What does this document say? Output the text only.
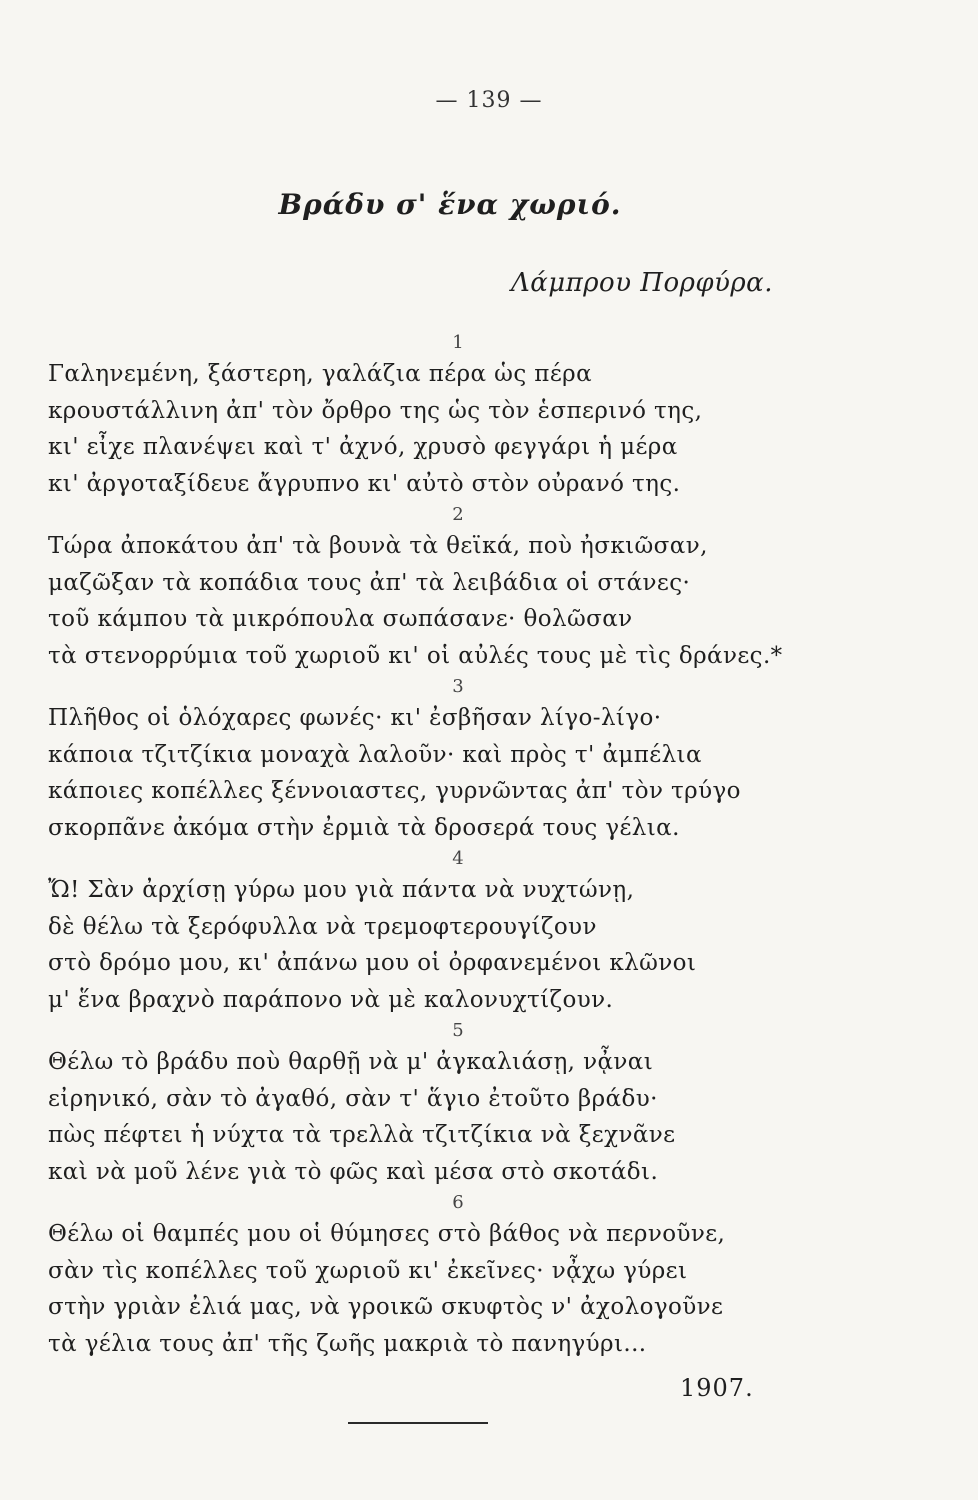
— 139 —
Βράδυ σ' ἕνα χωριό.
Λάμπρου Πορφύρα.
1
Γαληνεμένη, ξάστερη, γαλάζια πέρα ὡς πέρα
κρουστάλλινη ἀπ' τὸν ὄρθρο της ὡς τὸν ἑσπερινό της,
κι' εἶχε πλανέψει καὶ τ' ἀχνό, χρυσὸ φεγγάρι ἡ μέρα
κι' ἀργοταξίδευε ἄγρυπνο κι' αὐτὸ στὸν οὐρανό της.
2
Τώρα ἀποκάτου ἀπ' τὰ βουνὰ τὰ θεϊκά, ποὺ ἠσκιῶσαν,
μαζῶξαν τὰ κοπάδια τους ἀπ' τὰ λειβάδια οἱ στάνες·
τοῦ κάμπου τὰ μικρόπουλα σωπάσανε· θολῶσαν
τὰ στενορρύμια τοῦ χωριοῦ κι' οἱ αὐλές τους μὲ τὶς δράνες.*
3
Πλῆθος οἱ ὁλόχαρες φωνές· κι' ἐσβῆσαν λίγο-λίγο·
κάποια τζιτζίκια μοναχὰ λαλοῦν· καὶ πρὸς τ' ἀμπέλια
κάποιες κοπέλλες ξέννοιαστες, γυρνῶντας ἀπ' τὸν τρύγο
σκορπᾶνε ἀκόμα στὴν ἐρμιὰ τὰ δροσερά τους γέλια.
4
Ὤ! Σὰν ἀρχίσῃ γύρω μου γιὰ πάντα νὰ νυχτώνῃ,
δὲ θέλω τὰ ξερόφυλλα νὰ τρεμοφτερουγίζουν
στὸ δρόμο μου, κι' ἀπάνω μου οἱ ὀρφανεμένοι κλῶνοι
μ' ἕνα βραχνὸ παράπονο νὰ μὲ καλονυχτίζουν.
5
Θέλω τὸ βράδυ ποὺ θαρθῇ νὰ μ' ἀγκαλιάσῃ, νᾆναι
εἰρηνικό, σὰν τὸ ἀγαθό, σὰν τ' ἅγιο ἐτοῦτο βράδυ·
πὼς πέφτει ἡ νύχτα τὰ τρελλὰ τζιτζίκια νὰ ξεχνᾶνε
καὶ νὰ μοῦ λένε γιὰ τὸ φῶς καὶ μέσα στὸ σκοτάδι.
6
Θέλω οἱ θαμπές μου οἱ θύμησες στὸ βάθος νὰ περνοῦνε,
σὰν τὶς κοπέλλες τοῦ χωριοῦ κι' ἐκεῖνες· νᾆχω γύρει
στὴν γριὰν ἐλιά μας, νὰ γροικῶ σκυφτὸς ν' ἀχολογοῦνε
τὰ γέλια τους ἀπ' τῆς ζωῆς μακριὰ τὸ πανηγύρι...
1907.
